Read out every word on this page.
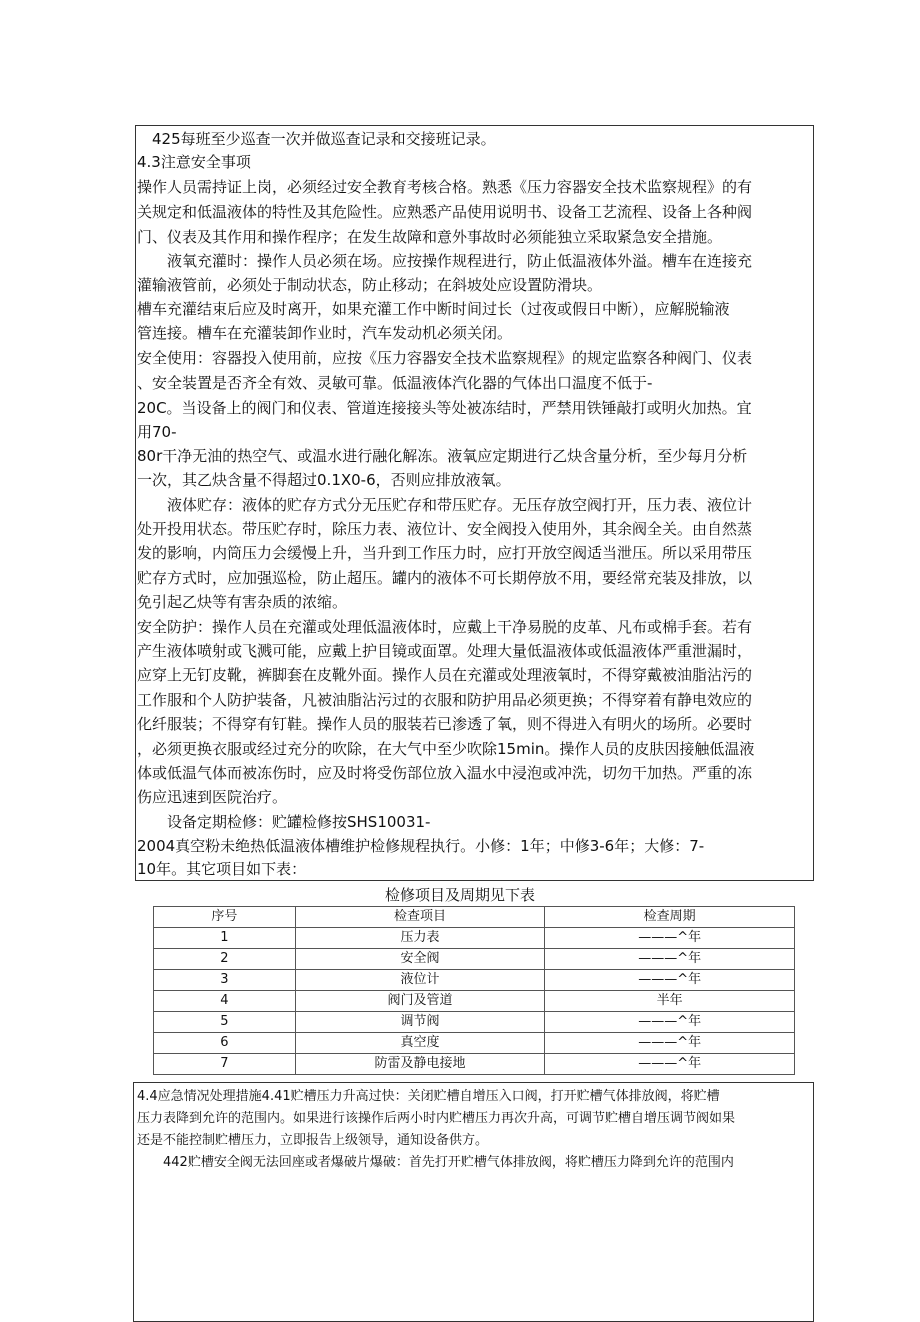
　425每班至少巡查一次并做巡查记录和交接班记录。
4.3注意安全事项
操作人员需持证上岗，必须经过安全教育考核合格。熟悉《压力容器安全技术监察规程》的有
关规定和低温液体的特性及其危险性。应熟悉产品使用说明书、设备工艺流程、设备上各种阀
门、仪表及其作用和操作程序；在发生故障和意外事故时必须能独立采取紧急安全措施。
　　液氧充灌时：操作人员必须在场。应按操作规程进行，防止低温液体外溢。槽车在连接充
灌输液管前，必须处于制动状态，防止移动；在斜坡处应设置防滑块。
槽车充灌结束后应及时离开，如果充灌工作中断时间过长（过夜或假日中断），应解脱输液
管连接。槽车在充灌装卸作业时，汽车发动机必须关闭。
安全使用：容器投入使用前，应按《压力容器安全技术监察规程》的规定监察各种阀门、仪表
、安全装置是否齐全有效、灵敏可靠。低温液体汽化器的气体出口温度不低于-
20C。当设备上的阀门和仪表、管道连接接头等处被冻结时，严禁用铁锤敲打或明火加热。宜
用70-
80r干净无油的热空气、或温水进行融化解冻。液氧应定期进行乙炔含量分析，至少每月分析
一次，其乙炔含量不得超过0.1X0-6，否则应排放液氧。
　　液体贮存：液体的贮存方式分无压贮存和带压贮存。无压存放空阀打开，压力表、液位计
处开投用状态。带压贮存时，除压力表、液位计、安全阀投入使用外，其余阀全关。由自然蒸
发的影响，内筒压力会缓慢上升，当升到工作压力时，应打开放空阀适当泄压。所以采用带压
贮存方式时，应加强巡检，防止超压。罐内的液体不可长期停放不用，要经常充装及排放，以
免引起乙炔等有害杂质的浓缩。
安全防护：操作人员在充灌或处理低温液体时，应戴上干净易脱的皮革、凡布或棉手套。若有
产生液体喷射或飞溅可能，应戴上护目镜或面罩。处理大量低温液体或低温液体严重泄漏时，
应穿上无钉皮靴，裤脚套在皮靴外面。操作人员在充灌或处理液氧时，不得穿戴被油脂沾污的
工作服和个人防护装备，凡被油脂沾污过的衣服和防护用品必须更换；不得穿着有静电效应的
化纤服装；不得穿有钉鞋。操作人员的服装若已渗透了氧，则不得进入有明火的场所。必要时
，必须更换衣服或经过充分的吹除，在大气中至少吹除15min。操作人员的皮肤因接触低温液
体或低温气体而被冻伤时，应及时将受伤部位放入温水中浸泡或冲洗，切勿干加热。严重的冻
伤应迅速到医院治疗。
　　设备定期检修：贮罐检修按SHS10031-
2004真空粉未绝热低温液体槽维护检修规程执行。小修：1年；中修3-6年；大修：7-
10年。其它项目如下表：
检修项目及周期见下表
序号	检查项目	检查周期
1	压力表	———^年
2	安全阀	———^年
3	液位计	———^年
4	阀门及管道	半年
5	调节阀	———^年
6	真空度	———^年
7	防雷及静电接地	———^年
4.4应急情况处理措施4.41贮槽压力升高过快：关闭贮槽自增压入口阀，打开贮槽气体排放阀，将贮槽
压力表降到允许的范围内。如果进行该操作后两小时内贮槽压力再次升高，可调节贮槽自增压调节阀如果
还是不能控制贮槽压力，立即报告上级领导，通知设备供方。
　　442贮槽安全阀无法回座或者爆破片爆破：首先打开贮槽气体排放阀，将贮槽压力降到允许的范围内
